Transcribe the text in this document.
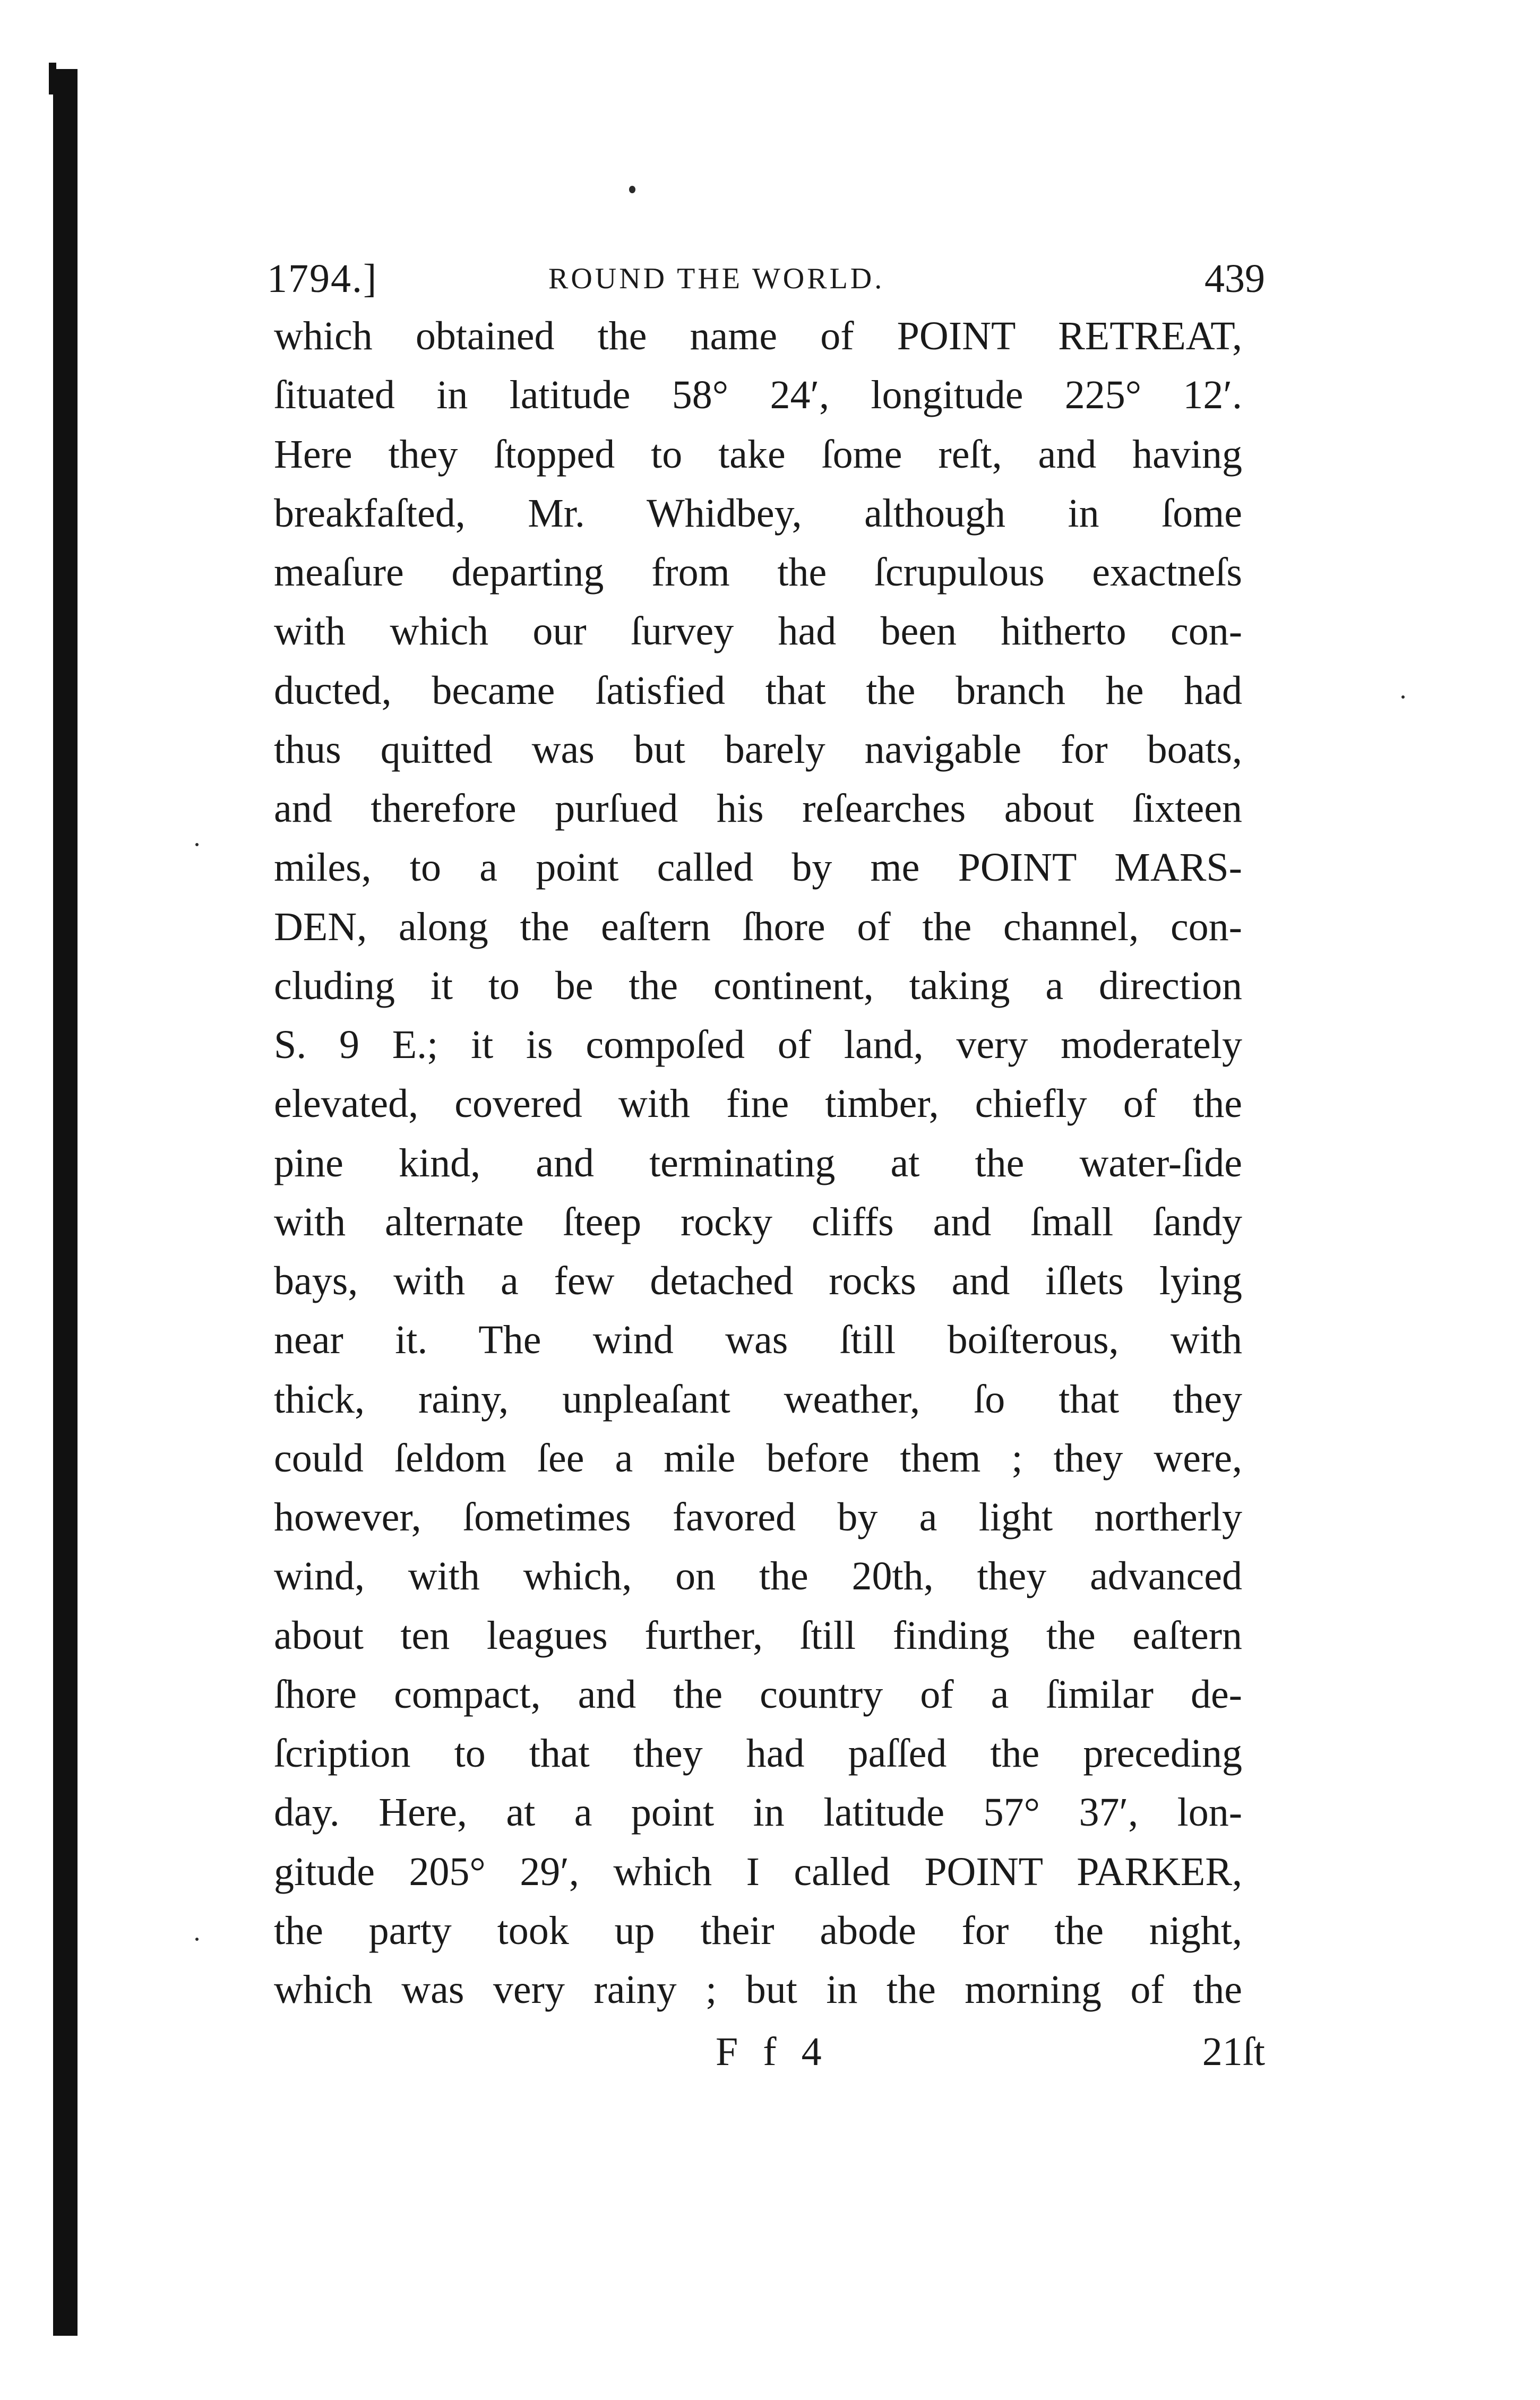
1794.]	ROUND THE WORLD.	439
which obtained the name of POINT RETREAT,
ſituated in latitude 58° 24′, longitude 225° 12′.
Here they ſtopped to take ſome reſt, and having
breakfaſted, Mr. Whidbey, although in ſome
meaſure departing from the ſcrupulous exactneſs
with which our ſurvey had been hitherto con-
ducted, became ſatisfied that the branch he had
thus quitted was but barely navigable for boats,
and therefore purſued his reſearches about ſixteen
miles, to a point called by me POINT MARS-
DEN, along the eaſtern ſhore of the channel, con-
cluding it to be the continent, taking a direction
S. 9 E.; it is compoſed of land, very moderately
elevated, covered with fine timber, chiefly of the
pine kind, and terminating at the water-ſide
with alternate ſteep rocky cliffs and ſmall ſandy
bays, with a few detached rocks and iſlets lying
near it. The wind was ſtill boiſterous, with
thick, rainy, unpleaſant weather, ſo that they
could ſeldom ſee a mile before them ; they were,
however, ſometimes favored by a light northerly
wind, with which, on the 20th, they advanced
about ten leagues further, ſtill finding the eaſtern
ſhore compact, and the country of a ſimilar de-
ſcription to that they had paſſed the preceding
day. Here, at a point in latitude 57° 37′, lon-
gitude 205° 29′, which I called POINT PARKER,
the party took up their abode for the night,
which was very rainy ; but in the morning of the
F f 4	21ſt
